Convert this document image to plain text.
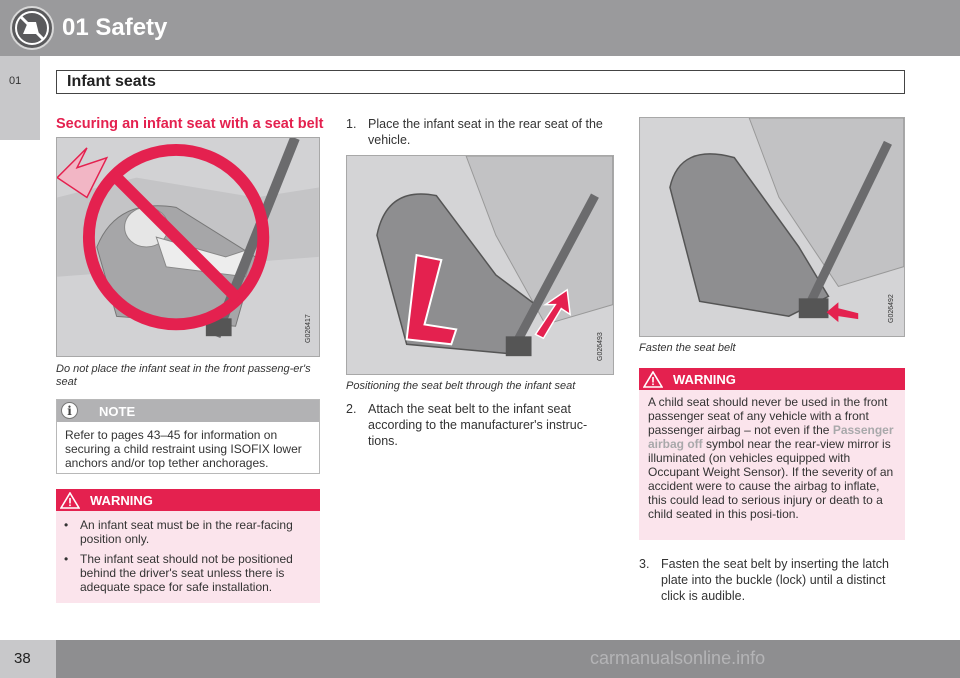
01 Safety
01	Infant seats
Securing an infant seat with a seat belt
G026417
Do not place the infant seat in the front passeng-er's seat
i	NOTE
Refer to pages 43–45 for information on securing a child restraint using ISOFIX lower anchors and/or top tether anchorages.
WARNING
• An infant seat must be in the rear-facing position only.
• The infant seat should not be positioned behind the driver's seat unless there is adequate space for safe installation.
1. Place the infant seat in the rear seat of the vehicle.
G026493
Positioning the seat belt through the infant seat
2. Attach the seat belt to the infant seat according to the manufacturer's instruc-tions.
G026492
Fasten the seat belt
WARNING
A child seat should never be used in the front passenger seat of any vehicle with a front passenger airbag – not even if the Passenger airbag off symbol near the rear-view mirror is illuminated (on vehicles equipped with Occupant Weight Sensor). If the severity of an accident were to cause the airbag to inflate, this could lead to serious injury or death to a child seated in this posi-tion.
3. Fasten the seat belt by inserting the latch plate into the buckle (lock) until a distinct click is audible.
38	carmanualsonline.info
